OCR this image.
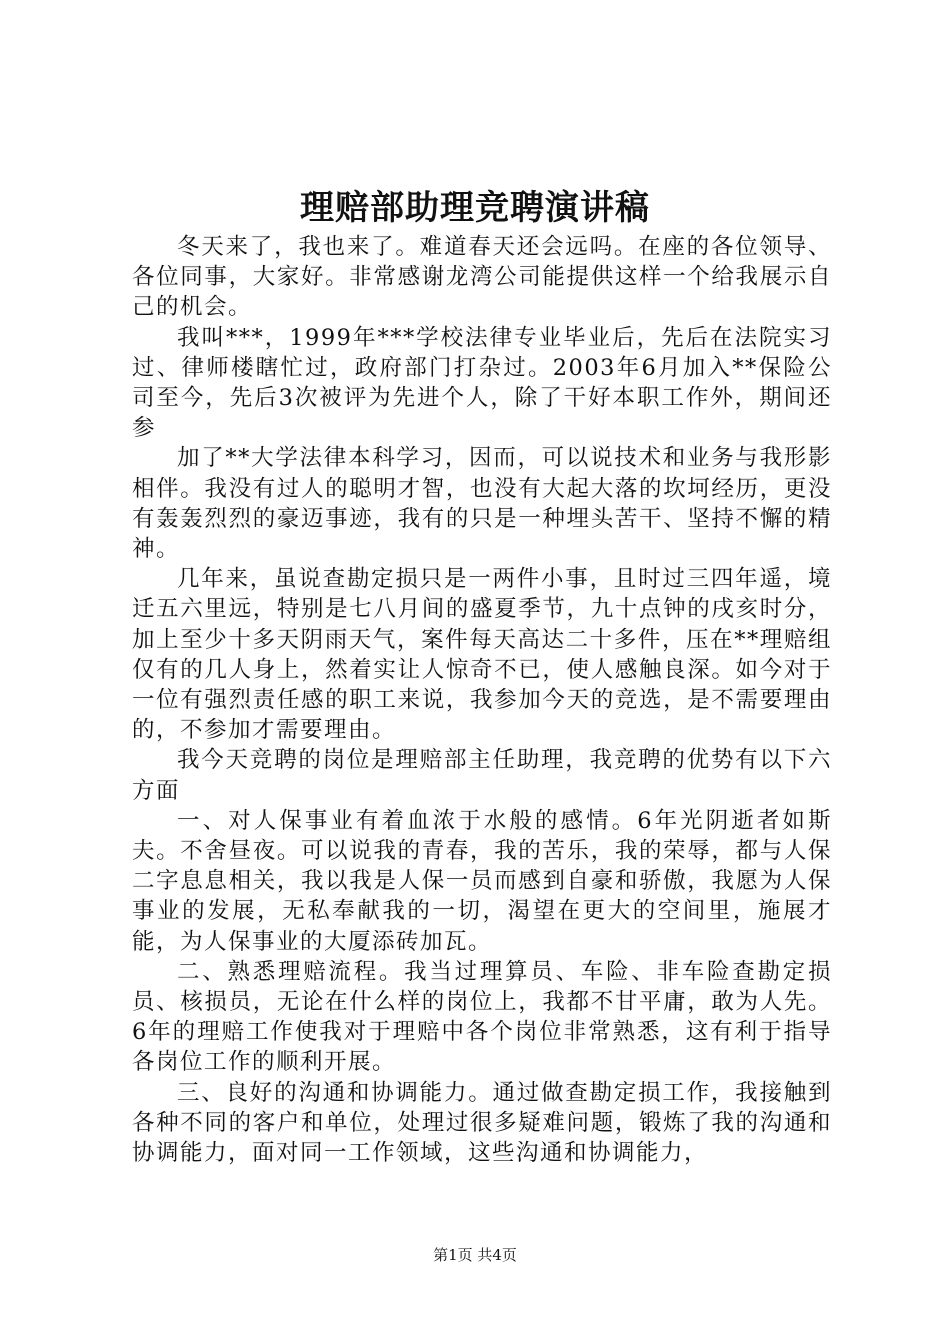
理赔部助理竞聘演讲稿

冬天来了，我也来了。难道春天还会远吗。在座的各位领导、各位同事，大家好。非常感谢龙湾公司能提供这样一个给我展示自己的机会。

我叫***，1999年***学校法律专业毕业后，先后在法院实习过、律师楼瞎忙过，政府部门打杂过。2003年6月加入**保险公司至今，先后3次被评为先进个人，除了干好本职工作外，期间还参

加了**大学法律本科学习，因而，可以说技术和业务与我形影相伴。我没有过人的聪明才智，也没有大起大落的坎坷经历，更没有轰轰烈烈的豪迈事迹，我有的只是一种埋头苦干、坚持不懈的精神。

几年来，虽说查勘定损只是一两件小事，且时过三四年遥，境迁五六里远，特别是七八月间的盛夏季节，九十点钟的戌亥时分，加上至少十多天阴雨天气，案件每天高达二十多件，压在**理赔组仅有的几人身上，然着实让人惊奇不已，使人感触良深。如今对于一位有强烈责任感的职工来说，我参加今天的竞选，是不需要理由的，不参加才需要理由。

我今天竞聘的岗位是理赔部主任助理，我竞聘的优势有以下六方面

一、对人保事业有着血浓于水般的感情。6年光阴逝者如斯夫。不舍昼夜。可以说我的青春，我的苦乐，我的荣辱，都与人保二字息息相关，我以我是人保一员而感到自豪和骄傲，我愿为人保事业的发展，无私奉献我的一切，渴望在更大的空间里，施展才能，为人保事业的大厦添砖加瓦。

二、熟悉理赔流程。我当过理算员、车险、非车险查勘定损员、核损员，无论在什么样的岗位上，我都不甘平庸，敢为人先。6年的理赔工作使我对于理赔中各个岗位非常熟悉，这有利于指导各岗位工作的顺利开展。

三、良好的沟通和协调能力。通过做查勘定损工作，我接触到各种不同的客户和单位，处理过很多疑难问题，锻炼了我的沟通和协调能力，面对同一工作领域，这些沟通和协调能力，

第1页 共4页
